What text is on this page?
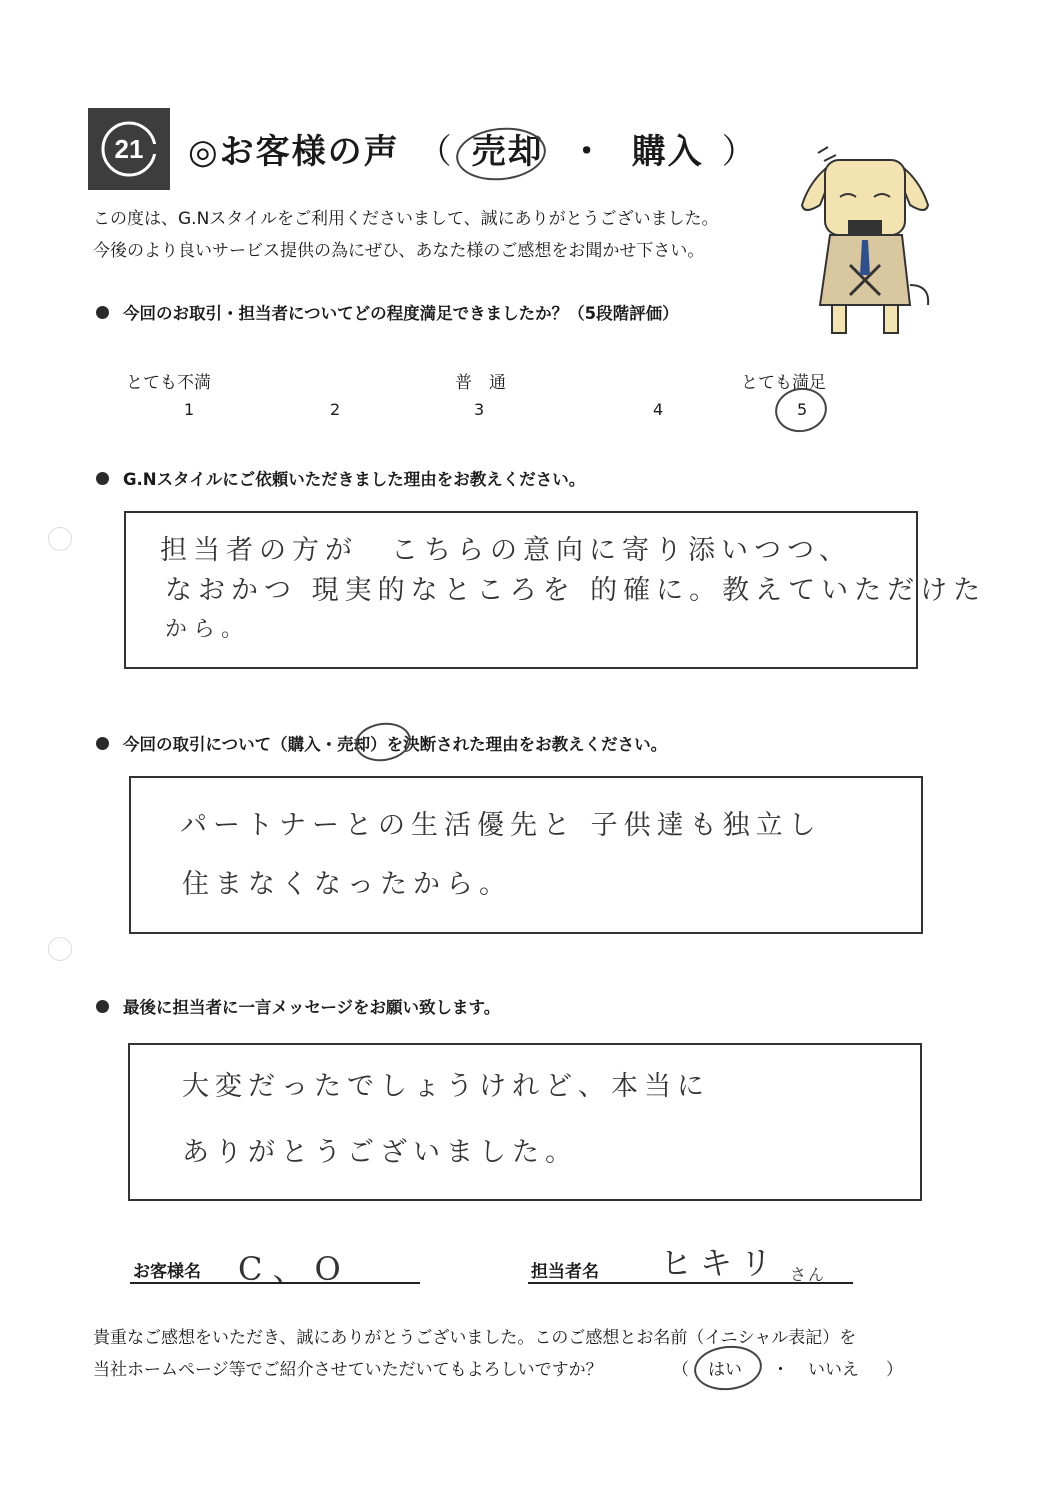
21 ◎お客様の声 （ 売却 ・ 購入 ）
この度は、G.Nスタイルをご利用くださいまして、誠にありがとうございました。
今後のより良いサービス提供の為にぜひ、あなた様のご感想をお聞かせ下さい。
今回のお取引・担当者についてどの程度満足できましたか？（5段階評価）
とても不満	普　通	とても満足
1	2	3	4	5
G.Nスタイルにご依頼いただきました理由をお教えください。
担当者の方が　こちらの意向に寄り添いつつ、
なおかつ 現実的なところを 的確に。教えていただけた
から。
今回の取引について（購入・ 売却 ）を決断された理由をお教えください。
パートナーとの生活優先と 子供達も独立し
住まなくなったから。
最後に担当者に一言メッセージをお願い致します。
大変だったでしょうけれど、本当に
ありがとうございました。
お客様名 C、O	担当者名 ヒキリ さん
貴重なご感想をいただき、誠にありがとうございました。このご感想とお名前（イニシャル表記）を
当社ホームページ等でご紹介させていただいてもよろしいですか？	（ はい ・ いいえ ）
